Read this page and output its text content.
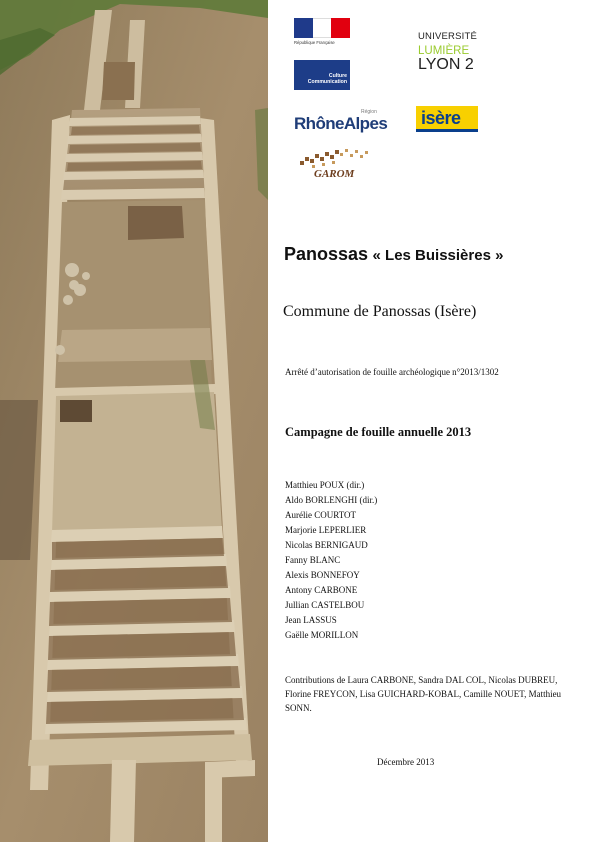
République Française
Culture Communication
UNIVERSITÉ
LUMIÈRE
LYON 2
RhôneAlpes
Région isère
GAROM
Panossas « Les Buissières »
Commune de Panossas (Isère)
Arrêté d’autorisation de fouille archéologique n°2013/1302
Campagne de fouille annuelle 2013
Matthieu POUX (dir.)
Aldo BORLENGHI (dir.)
Aurélie COURTOT
Marjorie LEPERLIER
Nicolas BERNIGAUD
Fanny BLANC
Alexis BONNEFOY
Antony CARBONE
Jullian CASTELBOU
Jean LASSUS
Gaëlle MORILLON

Contributions de Laura CARBONE, Sandra DAL COL, Nicolas DUBREU, Florine FREYCON, Lisa GUICHARD-KOBAL, Camille NOUET, Matthieu SONN.

Décembre 2013
